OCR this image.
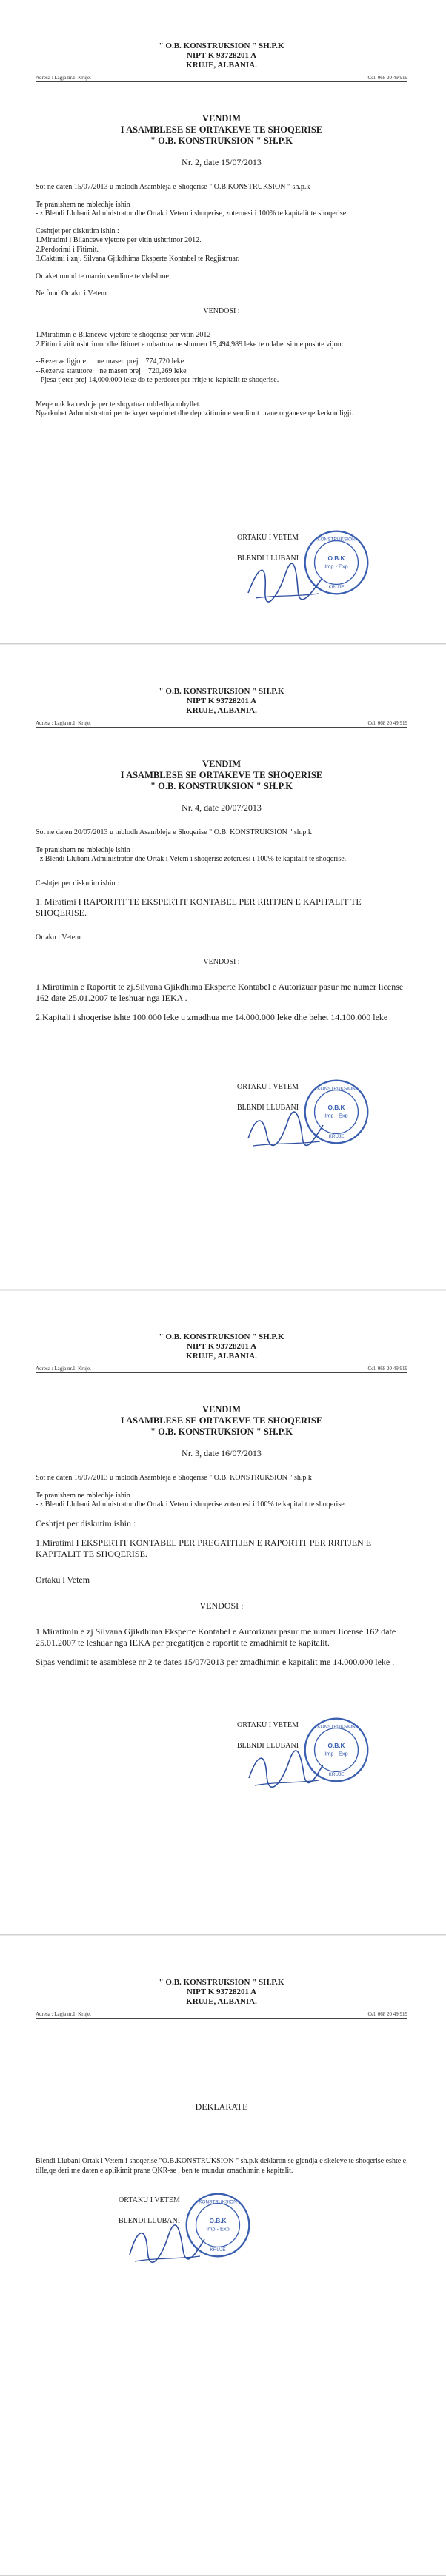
" O.B. KONSTRUKSION " SH.P.K
NIPT K 93728201 A
KRUJE, ALBANIA.
Adresa : Lagja nr.1, Kruje.	Cel. 068 20 49 919
VENDIM
I ASAMBLESE SE ORTAKEVE TE SHOQERISE
" O.B. KONSTRUKSION " SH.P.K
Nr. 2, date 15/07/2013

Sot ne daten 15/07/2013 u mblodh Asambleja e Shoqerise " O.B.KONSTRUKSION " sh.p.k

Te pranishem ne mbledhje ishin :

- z.Blendi Llubani Administrator dhe Ortak i Vetem i shoqerise, zoteruesi i 100% te kapitalit te shoqerise

Ceshtjet per diskutim ishin :

1.Miratimi i Bilanceve vjetore per vitin ushtrimor 2012.

2.Perdorimi i Fitimit.

3.Caktimi i znj. Silvana Gjikdhima Eksperte Kontabel te Regjistruar.

Ortaket mund te marrin vendime te vlefshme.

Ne fund Ortaku i Vetem

VENDOSI :

1.Miratimin e Bilanceve vjetore te shoqerise per vitin 2012

2.Fitim i vitit ushtrimor dhe fitimet e mbartura ne shumen 15,494,989 leke te ndahet si me poshte vijon:

--Rezerve ligjore      ne masen prej    774,720 leke

--Rezerva statutore    ne masen prej    720,269 leke

--Pjesa tjeter prej 14,000,000 leke do te perdoret per rritje te kapitalit te shoqerise.

Meqe nuk ka ceshtje per te shqyrtuar mbledhja mbyllet.

Ngarkohet Administratori per te kryer veprimet dhe depozitimin e vendimit prane organeve qe kerkon ligji.

ORTAKU I VETEM
BLENDI LLUBANI	O.B.K
Imp - Exp
KRUJE
KONSTRUKSION
" O.B. KONSTRUKSION " SH.P.K
NIPT K 93728201 A
KRUJE, ALBANIA.
Adresa : Lagja nr.1, Kruje.	Cel. 068 20 49 919
VENDIM
I ASAMBLESE SE ORTAKEVE TE SHOQERISE
" O.B. KONSTRUKSION " SH.P.K
Nr. 4, date 20/07/2013

Sot ne daten 20/07/2013 u mblodh Asambleja e Shoqerise " O.B. KONSTRUKSION " sh.p.k

Te pranishem ne mbledhje ishin :

- z.Blendi Llubani Administrator dhe Ortak i Vetem i shoqerise zoteruesi i 100% te kapitalit te shoqerise.

Ceshtjet per diskutim ishin :

1. Miratimi I RAPORTIT TE EKSPERTIT KONTABEL PER RRITJEN E KAPITALIT TE SHOQERISE.

Ortaku i Vetem

VENDOSI :

1.Miratimin e Raportit te zj.Silvana Gjikdhima Eksperte Kontabel e Autorizuar pasur me numer license 162 date 25.01.2007 te leshuar nga IEKA .

2.Kapitali i shoqerise ishte 100.000 leke u zmadhua me 14.000.000 leke dhe behet 14.100.000 leke

ORTAKU I VETEM
BLENDI LLUBANI	O.B.K
Imp - Exp
KRUJE
KONSTRUKSION
" O.B. KONSTRUKSION " SH.P.K
NIPT K 93728201 A
KRUJE, ALBANIA.
Adresa : Lagja nr.1, Kruje.	Cel. 068 20 49 919
VENDIM
I ASAMBLESE SE ORTAKEVE TE SHOQERISE
" O.B. KONSTRUKSION " SH.P.K
Nr. 3, date 16/07/2013

Sot ne daten 16/07/2013 u mblodh Asambleja e Shoqerise " O.B. KONSTRUKSION " sh.p.k

Te pranishem ne mbledhje ishin :

- z.Blendi Llubani Administrator dhe Ortak i Vetem i shoqerise zoteruesi i 100% te kapitalit te shoqerise.

Ceshtjet per diskutim ishin :

1.Miratimi I EKSPERTIT KONTABEL PER PREGATITJEN E RAPORTIT PER RRITJEN E KAPITALIT TE SHOQERISE.

Ortaku i Vetem

VENDOSI :

1.Miratimin e zj Silvana Gjikdhima Eksperte Kontabel e Autorizuar pasur me numer license 162 date 25.01.2007 te leshuar nga IEKA per pregatitjen e raportit te zmadhimit te kapitalit.

Sipas vendimit te asamblese nr 2 te dates 15/07/2013 per zmadhimin e kapitalit me 14.000.000 leke .

ORTAKU I VETEM
BLENDI LLUBANI	O.B.K
Imp - Exp
KRUJE
KONSTRUKSION
" O.B. KONSTRUKSION " SH.P.K
NIPT K 93728201 A
KRUJE, ALBANIA.
Adresa : Lagja nr.1, Kruje.	Cel. 068 20 49 919
DEKLARATE

Blendi Llubani Ortak i Vetem i shoqerise "O.B.KONSTRUKSION " sh.p.k deklaron se gjendja e skeleve te shoqerise eshte e tille,qe deri me daten e aplikimit prane QKR-se , ben te mundur zmadhimin e kapitalit.

ORTAKU I VETEM
BLENDI LLUBANI	O.B.K
Imp - Exp
KRUJE
KONSTRUKSION
